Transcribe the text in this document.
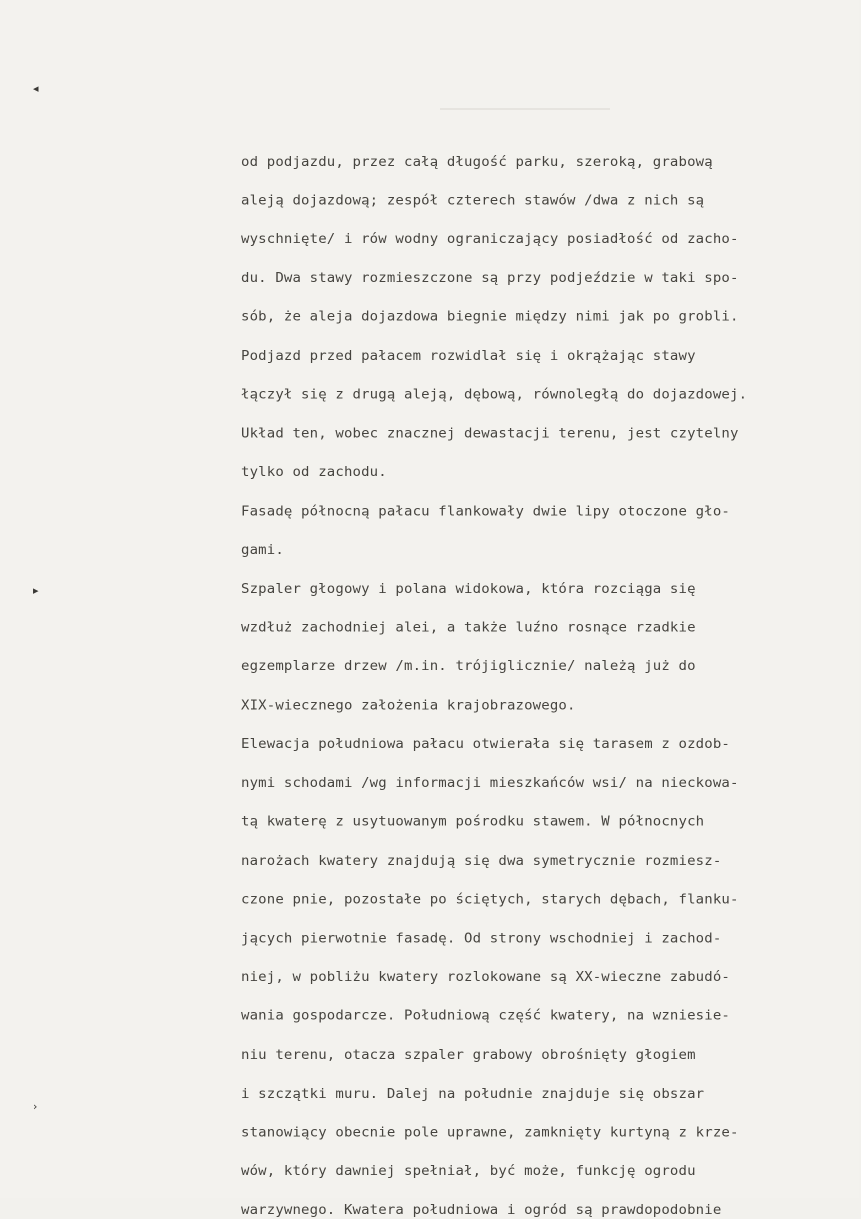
◂
▸
›
od podjazdu, przez całą długość parku, szeroką, grabową
aleją dojazdową; zespół czterech stawów /dwa z nich są
wyschnięte/ i rów wodny ograniczający posiadłość od zacho-
du. Dwa stawy rozmieszczone są przy podjeździe w taki spo-
sób, że aleja dojazdowa biegnie między nimi jak po grobli.
Podjazd przed pałacem rozwidlał się i okrążając stawy
łączył się z drugą aleją, dębową, równoległą do dojazdowej.
Układ ten, wobec znacznej dewastacji terenu, jest czytelny
tylko od zachodu.
Fasadę północną pałacu flankowały dwie lipy otoczone gło-
gami.
Szpaler głogowy i polana widokowa, która rozciąga się
wzdłuż zachodniej alei, a także luźno rosnące rzadkie
egzemplarze drzew /m.in. trójiglicznie/ należą już do
XIX-wiecznego założenia krajobrazowego.
Elewacja południowa pałacu otwierała się tarasem z ozdob-
nymi schodami /wg informacji mieszkańców wsi/ na nieckowa-
tą kwaterę z usytuowanym pośrodku stawem. W północnych
narożach kwatery znajdują się dwa symetrycznie rozmiesz-
czone pnie, pozostałe po ściętych, starych dębach, flanku-
jących pierwotnie fasadę. Od strony wschodniej i zachod-
niej, w pobliżu kwatery rozlokowane są XX-wieczne zabudó-
wania gospodarcze. Południową część kwatery, na wzniesie-
niu terenu, otacza szpaler grabowy obrośnięty głogiem
i szczątki muru. Dalej na południe znajduje się obszar
stanowiący obecnie pole uprawne, zamknięty kurtyną z krze-
wów, który dawniej spełniał, być może, funkcję ogrodu
warzywnego. Kwatera południowa i ogród są prawdopodobnie
